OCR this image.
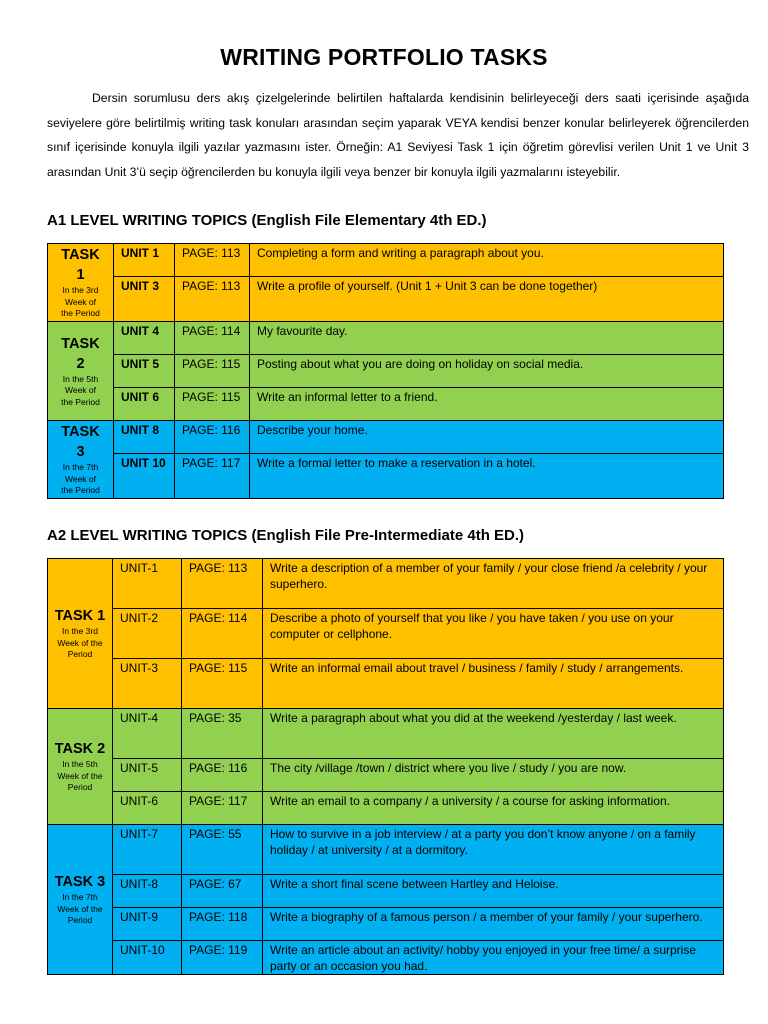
WRITING PORTFOLIO TASKS

Dersin sorumlusu ders akış çizelgelerinde belirtilen haftalarda kendisinin belirleyeceği ders saati içerisinde aşağıda seviyelere göre belirtilmiş writing task konuları arasından seçim yaparak VEYA kendisi benzer konular belirleyerek öğrencilerden sınıf içerisinde konuyla ilgili yazılar yazmasını ister. Örneğin: A1 Seviyesi Task 1 için öğretim görevlisi verilen Unit 1 ve Unit 3 arasından Unit 3’ü seçip öğrencilerden bu konuyla ilgili veya benzer bir konuyla ilgili yazmalarını isteyebilir.

A1 LEVEL WRITING TOPICS (English File Elementary 4th ED.)
TASK
1
In the 3rd
Week of
the Period	UNIT 1	PAGE: 113	Completing a form and writing a paragraph about you.
	UNIT 3	PAGE: 113	Write a profile of yourself. (Unit 1 + Unit 3 can be done together)

TASK
2
In the 5th
Week of
the Period	UNIT 4	PAGE: 114	My favourite day.
	UNIT 5	PAGE: 115	Posting about what you are doing on holiday on social media.
	UNIT 6	PAGE: 115	Write an informal letter to a friend.

TASK
3
In the 7th
Week of
the Period	UNIT 8	PAGE: 116	Describe your home.
	UNIT 10	PAGE: 117	Write a formal letter to make a reservation in a hotel.
A2 LEVEL WRITING TOPICS (English File Pre-Intermediate 4th ED.)
TASK 1
In the 3rd
Week of the
Period	UNIT-1	PAGE: 113	Write a description of a member of your family / your close friend /a celebrity / your superhero.
	UNIT-2	PAGE: 114	Describe a photo of yourself that you like / you have taken / you use on your computer or cellphone.
	UNIT-3	PAGE: 115	Write an informal email about travel / business / family / study / arrangements.

TASK 2
In the 5th
Week of the
Period	UNIT-4	PAGE: 35	Write a paragraph about what you did at the weekend /yesterday / last week.
	UNIT-5	PAGE: 116	The city /village /town / district where you live / study / you are now.
	UNIT-6	PAGE: 117	Write an email to a company / a university / a course for asking information.

TASK 3
In the 7th
Week of the
Period	UNIT-7	PAGE: 55	How to survive in a job interview / at a party you don’t know anyone / on a family holiday / at university / at a dormitory.
	UNIT-8	PAGE: 67	Write a short final scene between Hartley and Heloise.
	UNIT-9	PAGE: 118	Write a biography of a famous person / a member of your family / your superhero.
	UNIT-10	PAGE: 119	Write an article about an activity/ hobby you enjoyed in your free time/ a surprise party or an occasion you had.
